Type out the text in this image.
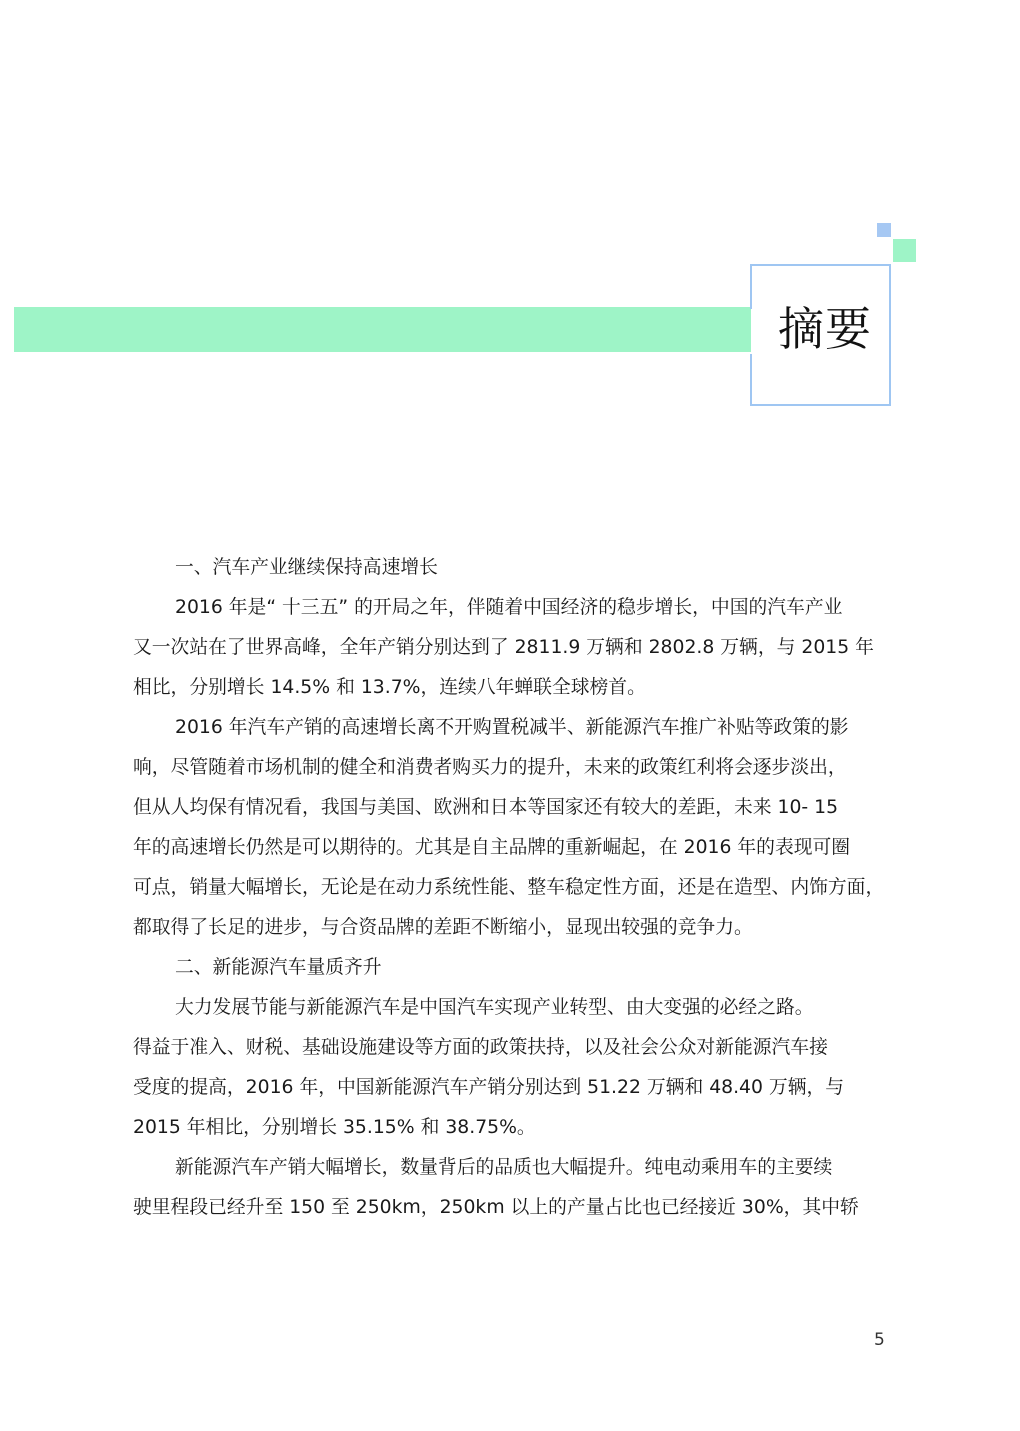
摘要
一、汽车产业继续保持高速增长
2016 年是“ 十三五” 的开局之年，伴随着中国经济的稳步增长，中国的汽车产业
又一次站在了世界高峰，全年产销分别达到了 2811.9 万辆和 2802.8 万辆，与 2015 年
相比，分别增长 14.5% 和 13.7%，连续八年蝉联全球榜首。
2016 年汽车产销的高速增长离不开购置税减半、新能源汽车推广补贴等政策的影
响，尽管随着市场机制的健全和消费者购买力的提升，未来的政策红利将会逐步淡出，
但从人均保有情况看，我国与美国、欧洲和日本等国家还有较大的差距，未来 10- 15
年的高速增长仍然是可以期待的。尤其是自主品牌的重新崛起，在 2016 年的表现可圈
可点，销量大幅增长，无论是在动力系统性能、整车稳定性方面，还是在造型、内饰方面，
都取得了长足的进步，与合资品牌的差距不断缩小，显现出较强的竞争力。
二、新能源汽车量质齐升
大力发展节能与新能源汽车是中国汽车实现产业转型、由大变强的必经之路。
得益于准入、财税、基础设施建设等方面的政策扶持，以及社会公众对新能源汽车接
受度的提高，2016 年，中国新能源汽车产销分别达到 51.22 万辆和 48.40 万辆，与
2015 年相比，分别增长 35.15% 和 38.75%。
新能源汽车产销大幅增长，数量背后的品质也大幅提升。纯电动乘用车的主要续
驶里程段已经升至 150 至 250km，250km 以上的产量占比也已经接近 30%，其中轿
5
